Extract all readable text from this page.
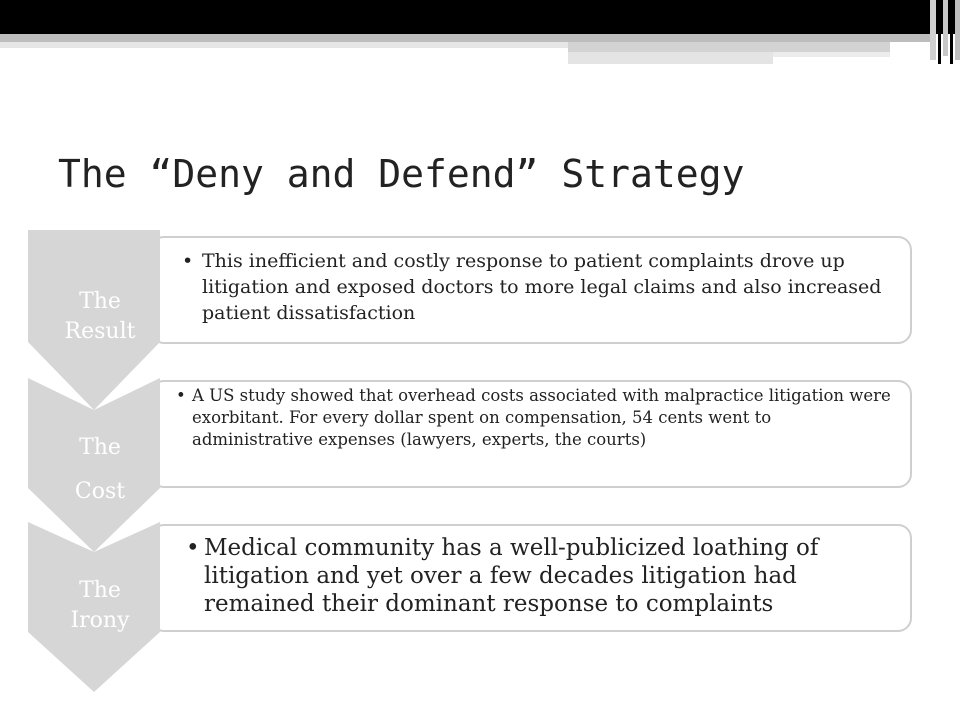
The “Deny and Defend” Strategy
The
Result
The
Cost
The
Irony
• This inefficient and costly response to patient complaints drove up litigation and exposed doctors to more legal claims and also increased patient dissatisfaction
• A US study showed that overhead costs associated with malpractice litigation were exorbitant. For every dollar spent on compensation, 54 cents went to administrative expenses (lawyers, experts, the courts)
• Medical community has a well-publicized loathing of litigation and yet over a few decades litigation had remained their dominant response to complaints
